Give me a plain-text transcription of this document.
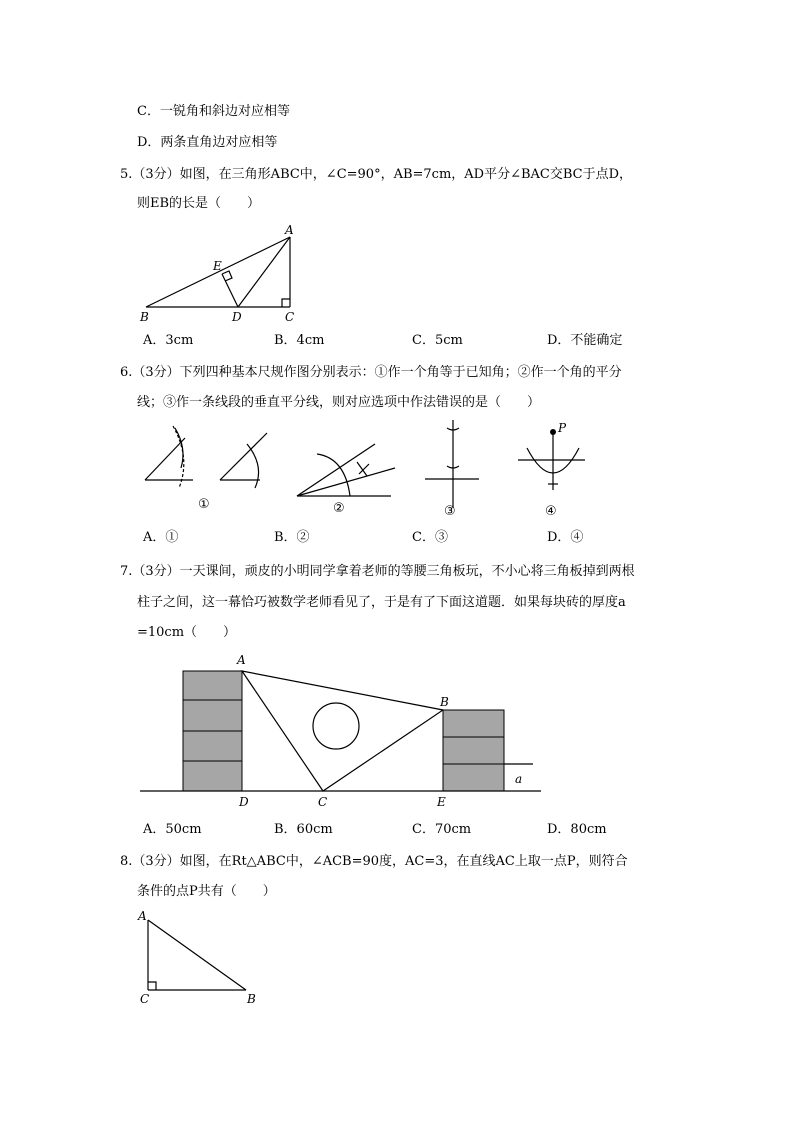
C．一锐角和斜边对应相等
D．两条直角边对应相等
5.（3分）如图，在三角形ABC中，∠C=90°，AB=7cm，AD平分∠BAC交BC于点D，
则EB的长是（　　）
A
B	C
D
E
A．3cm	B．4cm	C．5cm	D．不能确定
6.（3分）下列四种基本尺规作图分别表示：①作一个角等于已知角；②作一个角的平分
线；③作一条线段的垂直平分线，则对应选项中作法错误的是（　　）
P
①	②	③	④
A．①	B．②	C．③	D．④
7.（3分）一天课间，顽皮的小明同学拿着老师的等腰三角板玩，不小心将三角板掉到两根
柱子之间，这一幕恰巧被数学老师看见了，于是有了下面这道题．如果每块砖的厚度a
=10cm（　　）
A
B
C
D	E
a
A．50cm	B．60cm	C．70cm	D．80cm
8.（3分）如图，在Rt△ABC中，∠ACB=90度，AC=3，在直线AC上取一点P，则符合
条件的点P共有（　　）
A
C	B
